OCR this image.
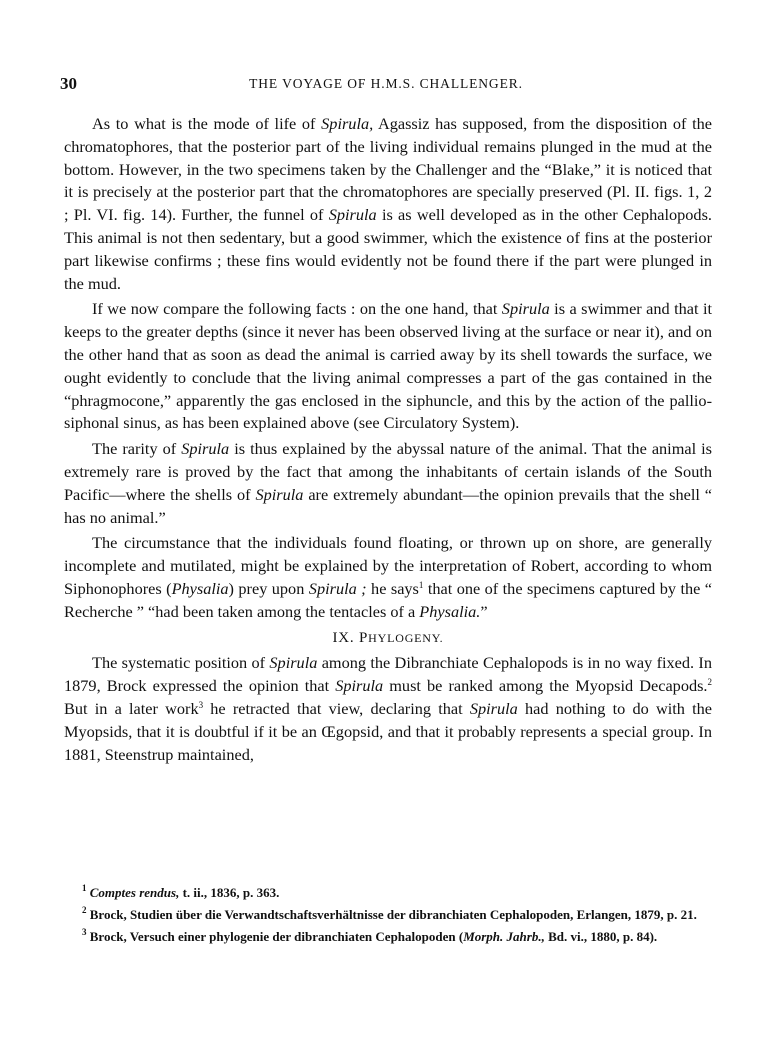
30	THE VOYAGE OF H.M.S. CHALLENGER.

As to what is the mode of life of Spirula, Agassiz has supposed, from the disposition of the chromatophores, that the posterior part of the living individual remains plunged in the mud at the bottom. However, in the two specimens taken by the Challenger and the “Blake,” it is noticed that it is precisely at the posterior part that the chromatophores are specially preserved (Pl. II. figs. 1, 2 ; Pl. VI. fig. 14). Further, the funnel of Spirula is as well developed as in the other Cephalopods. This animal is not then sedentary, but a good swimmer, which the existence of fins at the posterior part likewise confirms ; these fins would evidently not be found there if the part were plunged in the mud.

If we now compare the following facts : on the one hand, that Spirula is a swimmer and that it keeps to the greater depths (since it never has been observed living at the surface or near it), and on the other hand that as soon as dead the animal is carried away by its shell towards the surface, we ought evidently to conclude that the living animal compresses a part of the gas contained in the “phragmocone,” apparently the gas enclosed in the siphuncle, and this by the action of the pallio-siphonal sinus, as has been explained above (see Circulatory System).

The rarity of Spirula is thus explained by the abyssal nature of the animal. That the animal is extremely rare is proved by the fact that among the inhabitants of certain islands of the South Pacific—where the shells of Spirula are extremely abundant—the opinion prevails that the shell “ has no animal.”

The circumstance that the individuals found floating, or thrown up on shore, are generally incomplete and mutilated, might be explained by the interpretation of Robert, according to whom Siphonophores (Physalia) prey upon Spirula ; he says$^1$ that one of the specimens captured by the “ Recherche ” “had been taken among the tentacles of a Physalia.”

IX. PHYLOGENY.

The systematic position of Spirula among the Dibranchiate Cephalopods is in no way fixed. In 1879, Brock expressed the opinion that Spirula must be ranked among the Myopsid Decapods.$^2$ But in a later work$^3$ he retracted that view, declaring that Spirula had nothing to do with the Myopsids, that it is doubtful if it be an Œgopsid, and that it probably represents a special group. In 1881, Steenstrup maintained,

$^1$ Comptes rendus, t. ii., 1836, p. 363.

$^2$ Brock, Studien über die Verwandtschaftsverhältnisse der dibranchiaten Cephalopoden, Erlangen, 1879, p. 21.

$^3$ Brock, Versuch einer phylogenie der dibranchiaten Cephalopoden (Morph. Jahrb., Bd. vi., 1880, p. 84).
